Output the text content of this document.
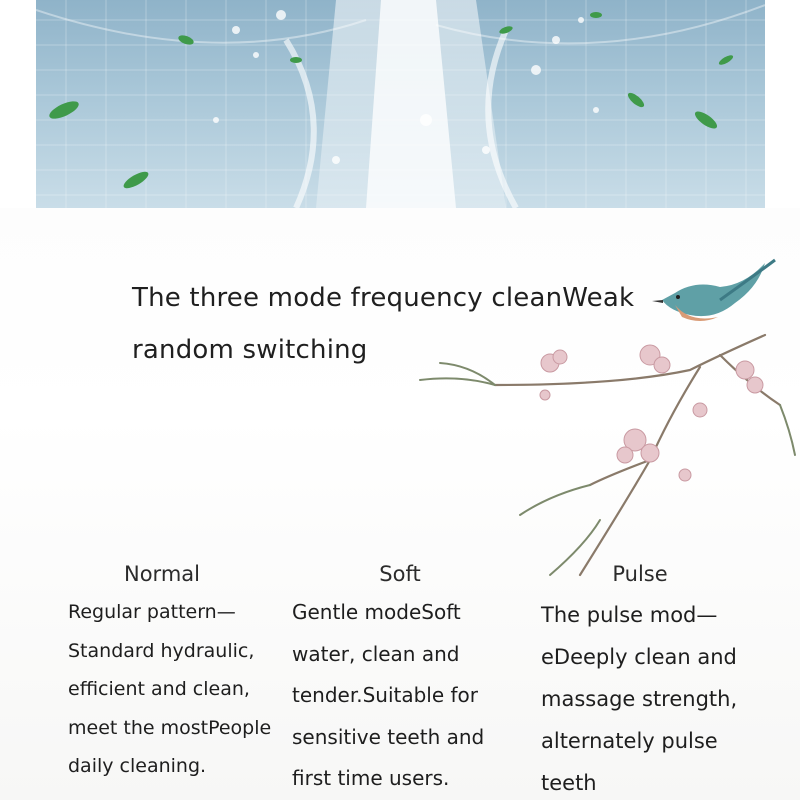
The three mode frequency cleanWeak
random switching
Normal	Soft	Pulse

Regular pattern—

Standard hydraulic,

efficient and clean,

meet the mostPeople

daily cleaning.

Gentle modeSoft

water, clean and

tender.Suitable for

sensitive teeth and

first time users.

The pulse mod—

eDeeply clean and

massage strength,

alternately pulse

teeth
